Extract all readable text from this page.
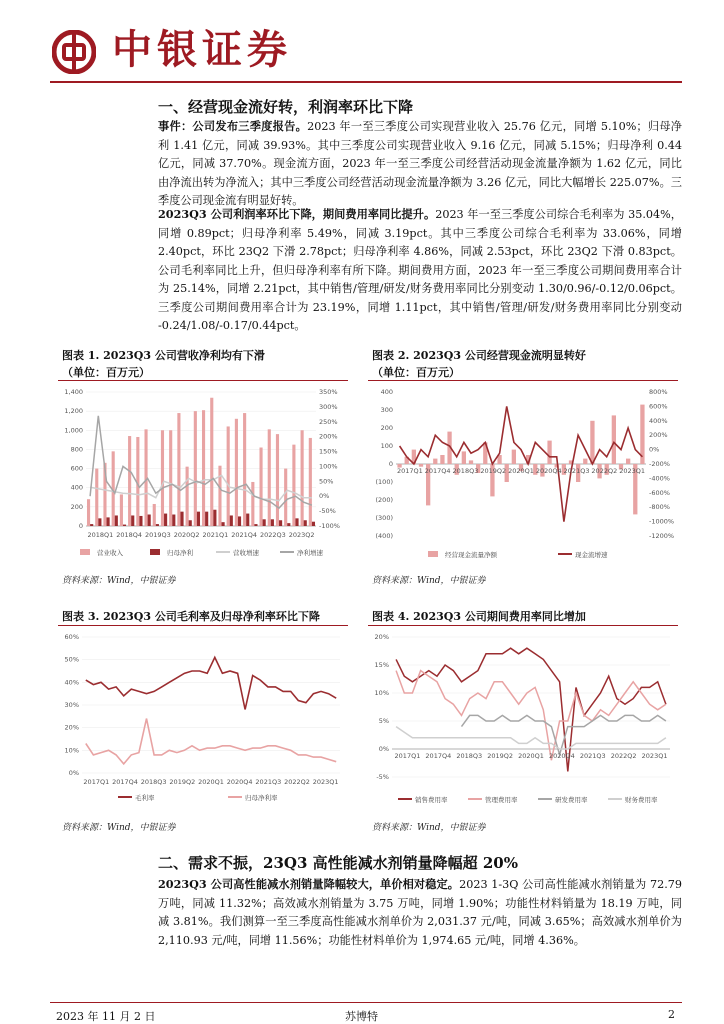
中银证券
一、经营现金流好转，利润率环比下降
事件：公司发布三季度报告。2023 年一至三季度公司实现营业收入 25.76 亿元，同增 5.10%；归母净利 1.41 亿元，同减 39.93%。其中三季度公司实现营业收入 9.16 亿元，同减 5.15%；归母净利 0.44 亿元，同减 37.70%。现金流方面，2023 年一至三季度公司经营活动现金流量净额为 1.62 亿元，同比由净流出转为净流入；其中三季度公司经营活动现金流量净额为 3.26 亿元，同比大幅增长 225.07%。三季度公司现金流有明显好转。
2023Q3 公司利润率环比下降，期间费用率同比提升。2023 年一至三季度公司综合毛利率为 35.04%，同增 0.89pct；归母净利率 5.49%，同减 3.19pct。其中三季度公司综合毛利率为 33.06%，同增 2.40pct，环比 23Q2 下滑 2.78pct；归母净利率 4.86%，同减 2.53pct，环比 23Q2 下滑 0.83pct。公司毛利率同比上升，但归母净利率有所下降。期间费用方面，2023 年一至三季度公司期间费用率合计为 25.14%，同增 2.21pct，其中销售/管理/研发/财务费用率同比分别变动 1.30/0.96/-0.12/0.06pct。三季度公司期间费用率合计为 23.19%，同增 1.11pct，其中销售/管理/研发/财务费用率同比分别变动 -0.24/1.08/-0.17/0.44pct。
图表 1. 2023Q3 公司营收净利均有下滑
（单位：百万元）
0
200
400
600
800
1,000
1,200
1,400
-100%
-50%
0%
50%
100%
150%
200%
250%
300%
350%
2018Q1 2018Q4 2019Q3 2020Q2 2021Q1 2021Q4 2022Q3 2023Q2
营业收入	归母净利	营收增速	净利增速
资料来源：Wind，中银证券
图表 2. 2023Q3 公司经营现金流明显转好
（单位：百万元）
(400)
(300)
(200)
(100)
0
100
200
300
400
-1200%
-1000%
-800%
-600%
-400%
-200%
0%
200%
400%
600%
800%
2017Q1 2017Q4 2018Q3 2019Q2 2020Q1 2020Q4 2021Q3 2022Q2 2023Q1
经营现金流量净额	现金流增速
资料来源：Wind，中银证券
图表 3. 2023Q3 公司毛利率及归母净利率环比下降
0%
10%
20%
30%
40%
50%
60%
2017Q1 2017Q4 2018Q3 2019Q2 2020Q1 2020Q4 2021Q3 2022Q2 2023Q1
毛利率	归母净利率
资料来源：Wind，中银证券
图表 4. 2023Q3 公司期间费用率同比增加
-5%
0%
5%
10%
15%
20%
2017Q1 2017Q4 2018Q3 2019Q2 2020Q1 2020Q4 2021Q3 2022Q2 2023Q1
销售费用率	管理费用率	研发费用率	财务费用率
资料来源：Wind，中银证券
二、需求不振，23Q3 高性能减水剂销量降幅超 20%
2023Q3 公司高性能减水剂销量降幅较大，单价相对稳定。2023 1-3Q 公司高性能减水剂销量为 72.79 万吨，同减 11.32%；高效减水剂销量为 3.75 万吨，同增 1.90%；功能性材料销量为 18.19 万吨，同减 3.81%。我们测算一至三季度高性能减水剂单价为 2,031.37 元/吨，同减 3.65%；高效减水剂单价为 2,110.93 元/吨，同增 11.56%；功能性材料单价为 1,974.65 元/吨，同增 4.36%。
2023 年 11 月 2 日	苏博特	2
